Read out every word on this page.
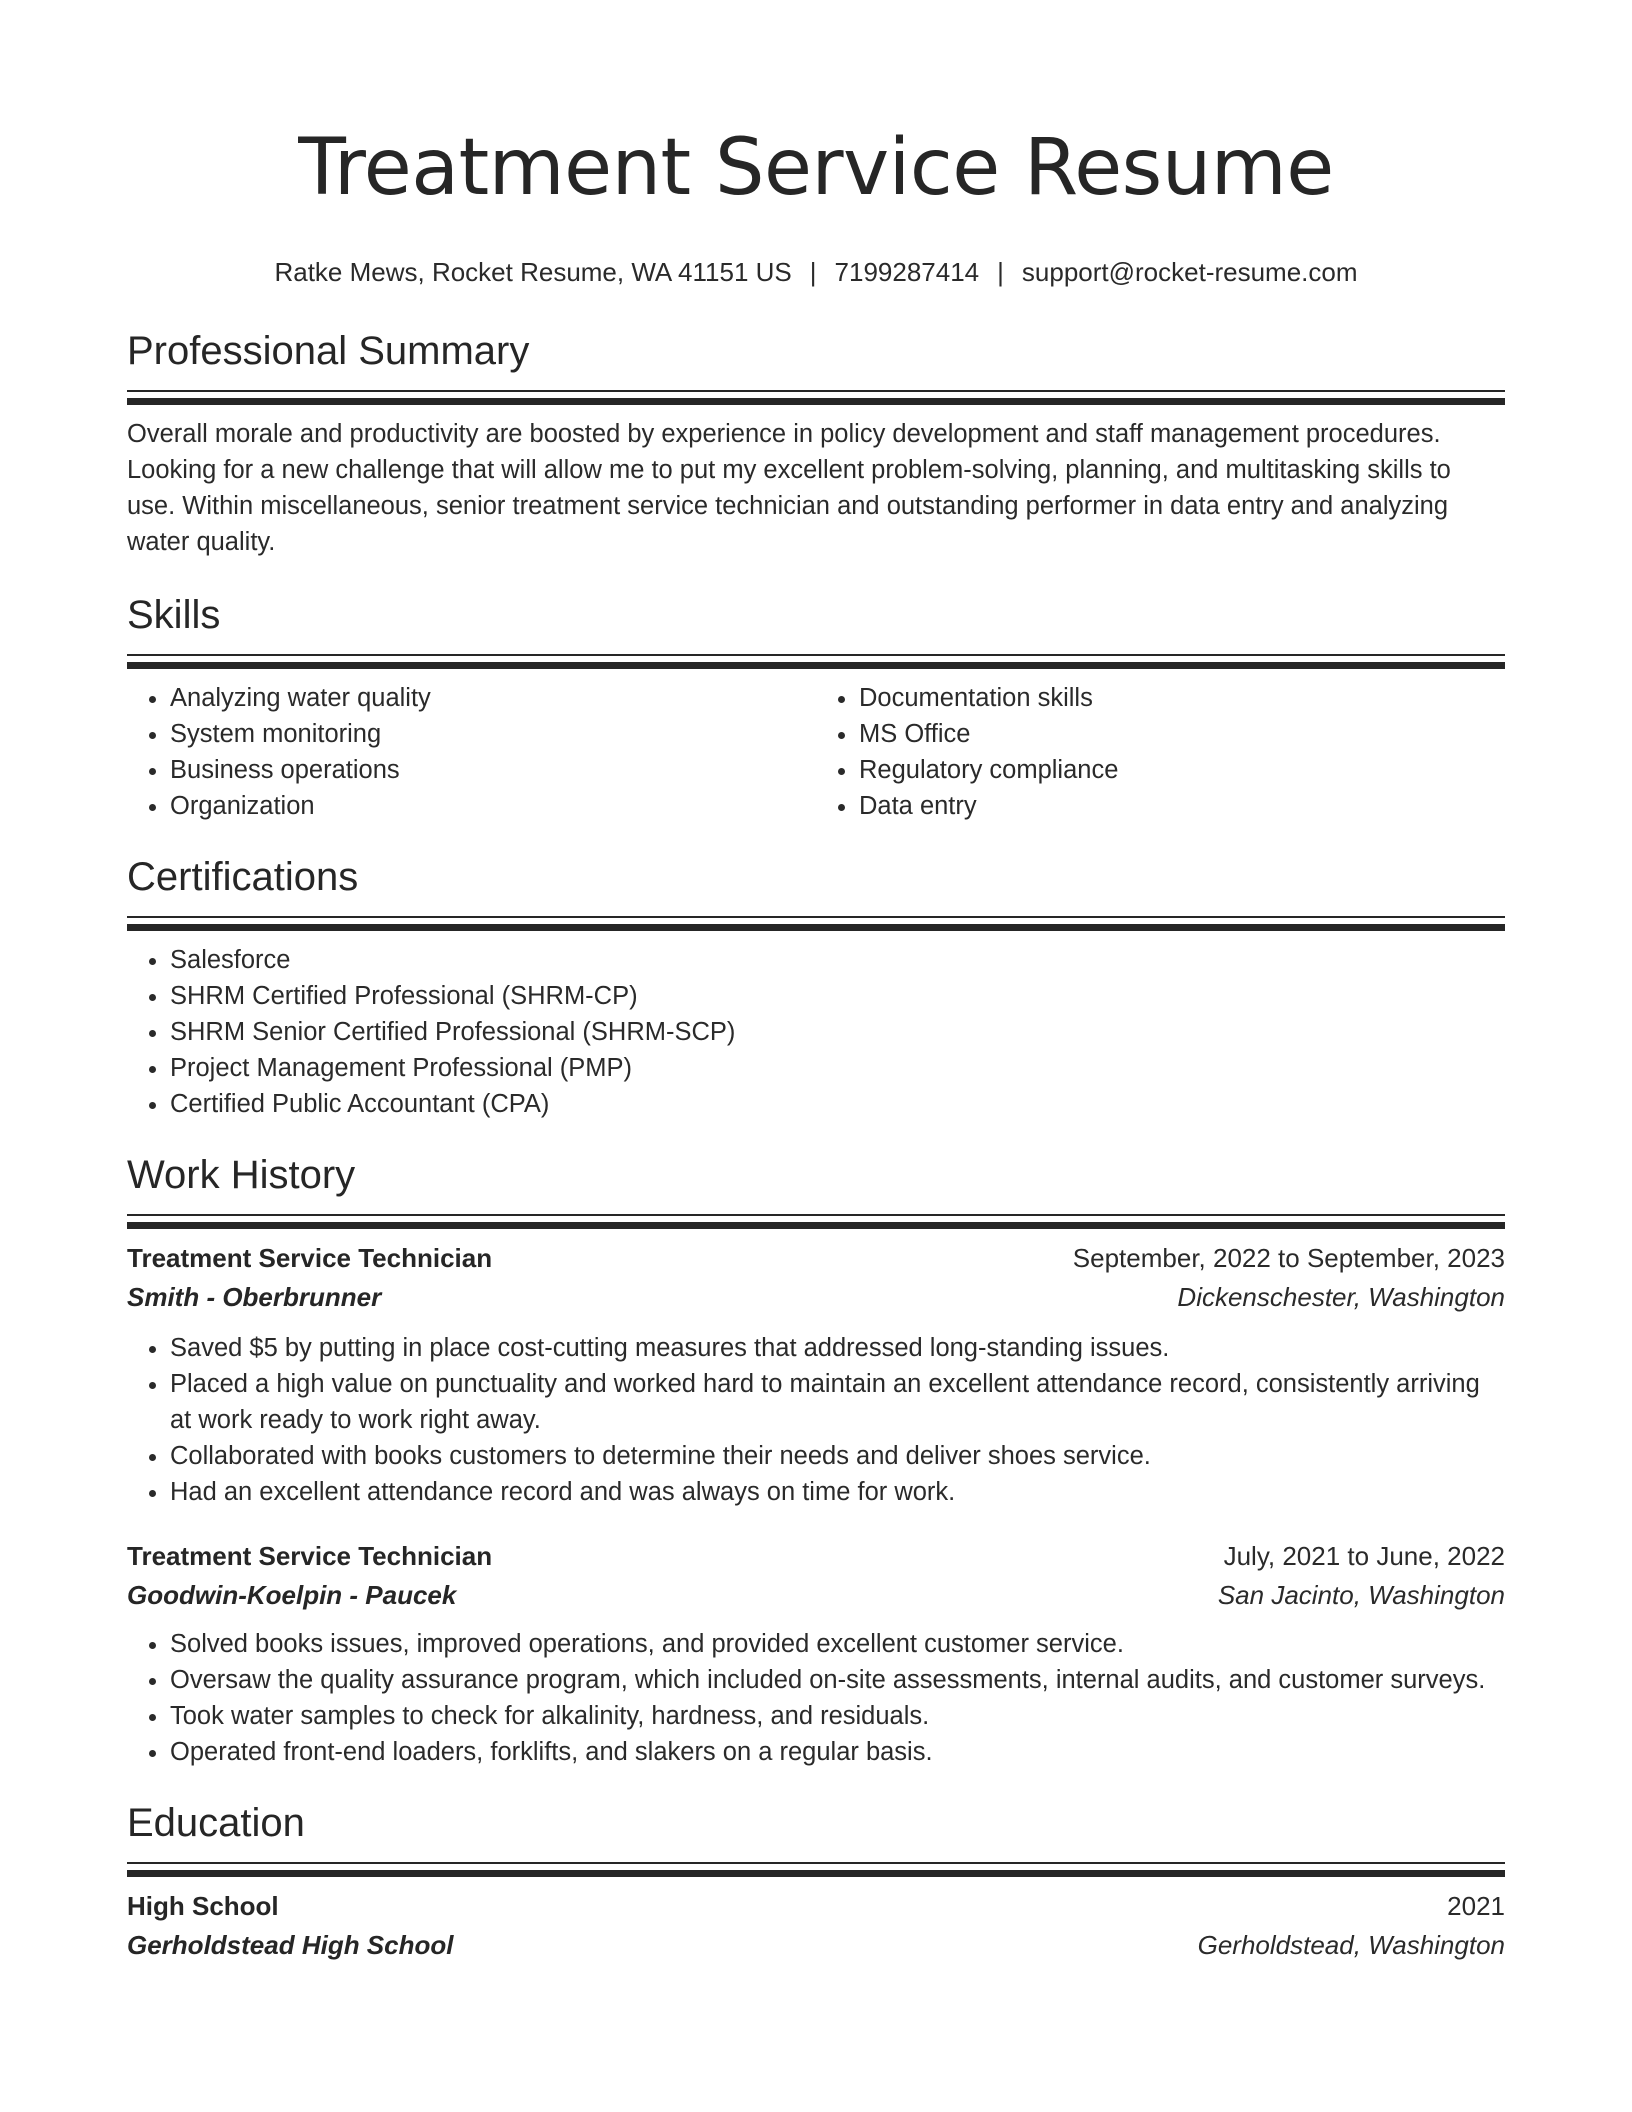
Treatment Service Resume
Ratke Mews, Rocket Resume, WA 41151 US | 7199287414 | support@rocket-resume.com
Professional Summary

Overall morale and productivity are boosted by experience in policy development and staff management procedures. Looking for a new challenge that will allow me to put my excellent problem-solving, planning, and multitasking skills to use. Within miscellaneous, senior treatment service technician and outstanding performer in data entry and analyzing water quality.

Skills
• Analyzing water quality
• System monitoring
• Business operations
• Organization
• Documentation skills
• MS Office
• Regulatory compliance
• Data entry
Certifications
• Salesforce
• SHRM Certified Professional (SHRM-CP)
• SHRM Senior Certified Professional (SHRM-SCP)
• Project Management Professional (PMP)
• Certified Public Accountant (CPA)
Work History
Treatment Service Technician	September, 2022 to September, 2023
Smith - Oberbrunner	Dickenschester, Washington
• Saved $5 by putting in place cost-cutting measures that addressed long-standing issues.
• Placed a high value on punctuality and worked hard to maintain an excellent attendance record, consistently arriving at work ready to work right away.
• Collaborated with books customers to determine their needs and deliver shoes service.
• Had an excellent attendance record and was always on time for work.
Treatment Service Technician	July, 2021 to June, 2022
Goodwin-Koelpin - Paucek	San Jacinto, Washington
• Solved books issues, improved operations, and provided excellent customer service.
• Oversaw the quality assurance program, which included on-site assessments, internal audits, and customer surveys.
• Took water samples to check for alkalinity, hardness, and residuals.
• Operated front-end loaders, forklifts, and slakers on a regular basis.
Education
High School	2021
Gerholdstead High School	Gerholdstead, Washington
